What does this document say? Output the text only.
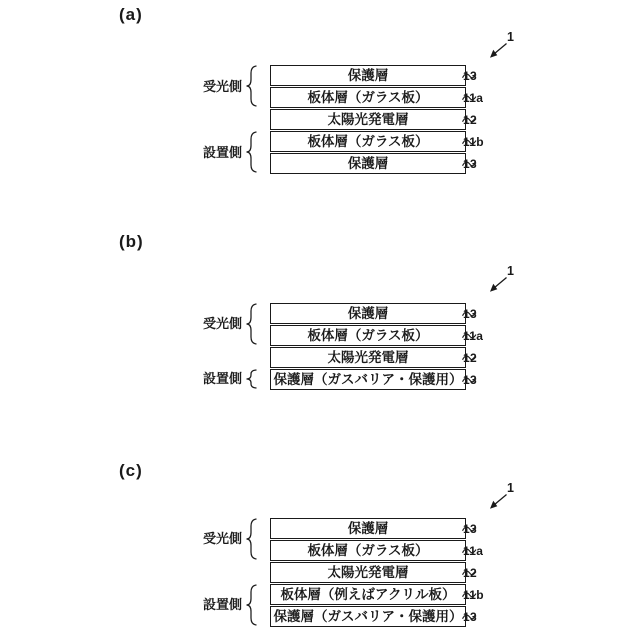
(a)
1
受光側
設置側
保護層
板体層（ガラス板）
太陽光発電層
板体層（ガラス板）
保護層
13
11a
12
11b
13
(b)
1
受光側
設置側
保護層
板体層（ガラス板）
太陽光発電層
保護層（ガスバリア・保護用）
13
11a
12
13
(c)
1
受光側
設置側
保護層
板体層（ガラス板）
太陽光発電層
板体層（例えばアクリル板）
保護層（ガスバリア・保護用）
13
11a
12
11b
13
